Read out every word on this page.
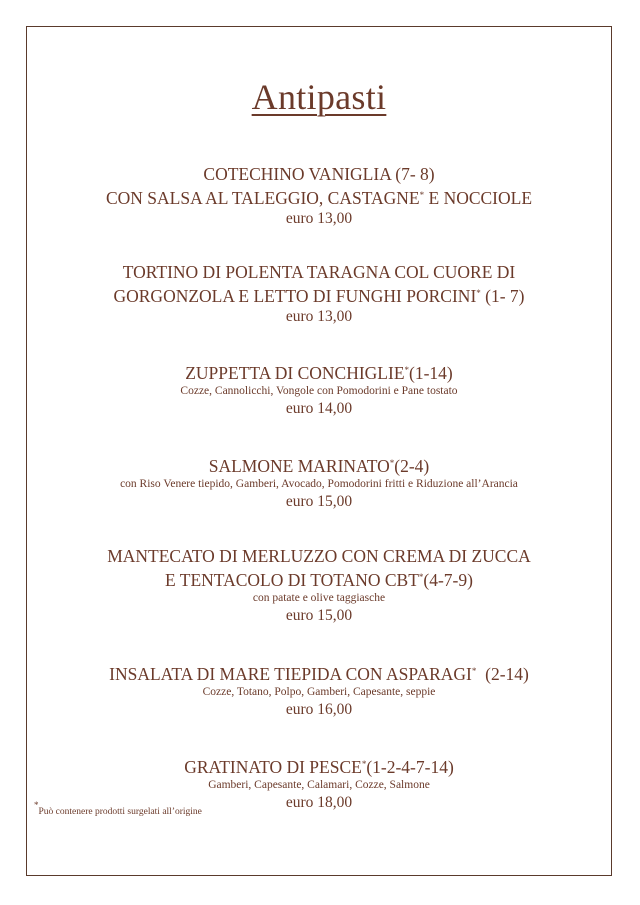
Antipasti
COTECHINO VANIGLIA (7- 8)
CON SALSA AL TALEGGIO, CASTAGNE* E NOCCIOLE
euro 13,00
TORTINO DI POLENTA TARAGNA COL CUORE DI
GORGONZOLA E LETTO DI FUNGHI PORCINI* (1- 7)
euro 13,00
ZUPPETTA DI CONCHIGLIE*(1-14)
Cozze, Cannolicchi, Vongole con Pomodorini e Pane tostato
euro 14,00
SALMONE MARINATO*(2-4)
con Riso Venere tiepido, Gamberi, Avocado, Pomodorini fritti e Riduzione all’Arancia
euro 15,00
MANTECATO DI MERLUZZO CON CREMA DI ZUCCA
E TENTACOLO DI TOTANO CBT*(4-7-9)
con patate e olive taggiasche
euro 15,00
INSALATA DI MARE TIEPIDA CON ASPARAGI*  (2-14)
Cozze, Totano, Polpo, Gamberi, Capesante, seppie
euro 16,00
GRATINATO DI PESCE*(1-2-4-7-14)
Gamberi, Capesante, Calamari, Cozze, Salmone
euro 18,00
*Può contenere prodotti surgelati all’origine
